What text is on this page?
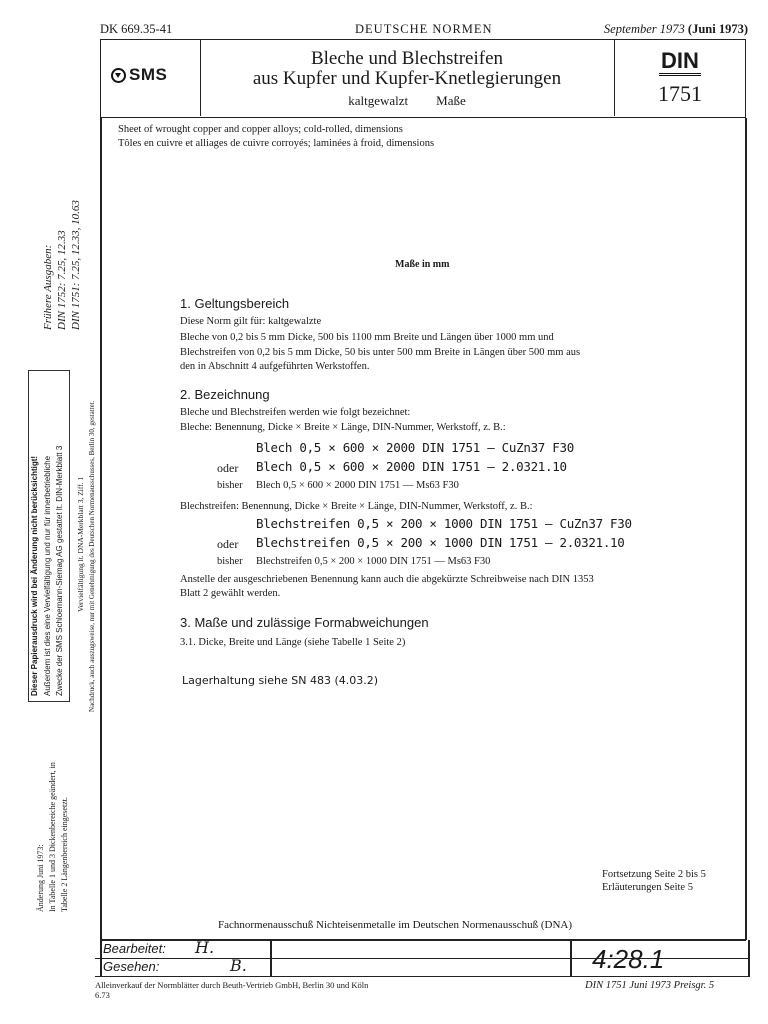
DK 669.35-41	DEUTSCHE NORMEN	September 1973 (Juni 1973)
SMS
Bleche und Blechstreifen
aus Kupfer und Kupfer-Knetlegierungen
kaltgewalzt Maße
DIN
1751
Sheet of wrought copper and copper alloys; cold-rolled, dimensions
Tôles en cuivre et alliages de cuivre corroyés; laminées à froid, dimensions
Maße in mm
1. Geltungsbereich
Diese Norm gilt für: kaltgewalzte
Bleche von 0,2 bis 5 mm Dicke, 500 bis 1100 mm Breite und Längen über 1000 mm und
Blechstreifen von 0,2 bis 5 mm Dicke, 50 bis unter 500 mm Breite in Längen über 500 mm aus
den in Abschnitt 4 aufgeführten Werkstoffen.
2. Bezeichnung
Bleche und Blechstreifen werden wie folgt bezeichnet:
Bleche: Benennung, Dicke × Breite × Länge, DIN-Nummer, Werkstoff, z. B.:
Blech 0,5 × 600 × 2000 DIN 1751 — CuZn37 F30
oder Blech 0,5 × 600 × 2000 DIN 1751 — 2.0321.10
bisher Blech 0,5 × 600 × 2000 DIN 1751 — Ms63 F30
Blechstreifen: Benennung, Dicke × Breite × Länge, DIN-Nummer, Werkstoff, z. B.:
Blechstreifen 0,5 × 200 × 1000 DIN 1751 — CuZn37 F30
oder Blechstreifen 0,5 × 200 × 1000 DIN 1751 — 2.0321.10
bisher Blechstreifen 0,5 × 200 × 1000 DIN 1751 — Ms63 F30
Anstelle der ausgeschriebenen Benennung kann auch die abgekürzte Schreibweise nach DIN 1353
Blatt 2 gewählt werden.
3. Maße und zulässige Formabweichungen
3.1. Dicke, Breite und Länge (siehe Tabelle 1 Seite 2)
Lagerhaltung siehe SN 483 (4.03.2)
Fortsetzung Seite 2 bis 5
Erläuterungen Seite 5
Fachnormenausschuß Nichteisenmetalle im Deutschen Normenausschuß (DNA)
Bearbeitet: H.
Gesehen:	B.	4:28.1
Alleinverkauf der Normblätter durch Beuth-Vertrieb GmbH, Berlin 30 und Köln
6.73
DIN 1751 Juni 1973 Preisgr. 5
Frühere Ausgaben: DIN 1752: 7.25, 12.33 DIN 1751: 7.25, 12.33, 10.63
Nachdruck, auch auszugsweise, nur mit Genehmigung des Deutschen Normenausschusses, Berlin 30, gestattet.
Vervielfältigung lt. DNA-Merkblatt 3, Ziff. 1
Dieser Papierausdruck wird bei Änderung nicht berücksichtigt! Außerdem ist dies eine Vervielfältigung und nur für innerbetriebliche Zwecke der SMS Schloemann-Siemag AG gestattet lt. DIN-Merkblatt 3
Änderung Juni 1973: In Tabelle 1 und 3 Dickenbereiche geändert, in Tabelle 2 Längenbereich eingesetzt.
